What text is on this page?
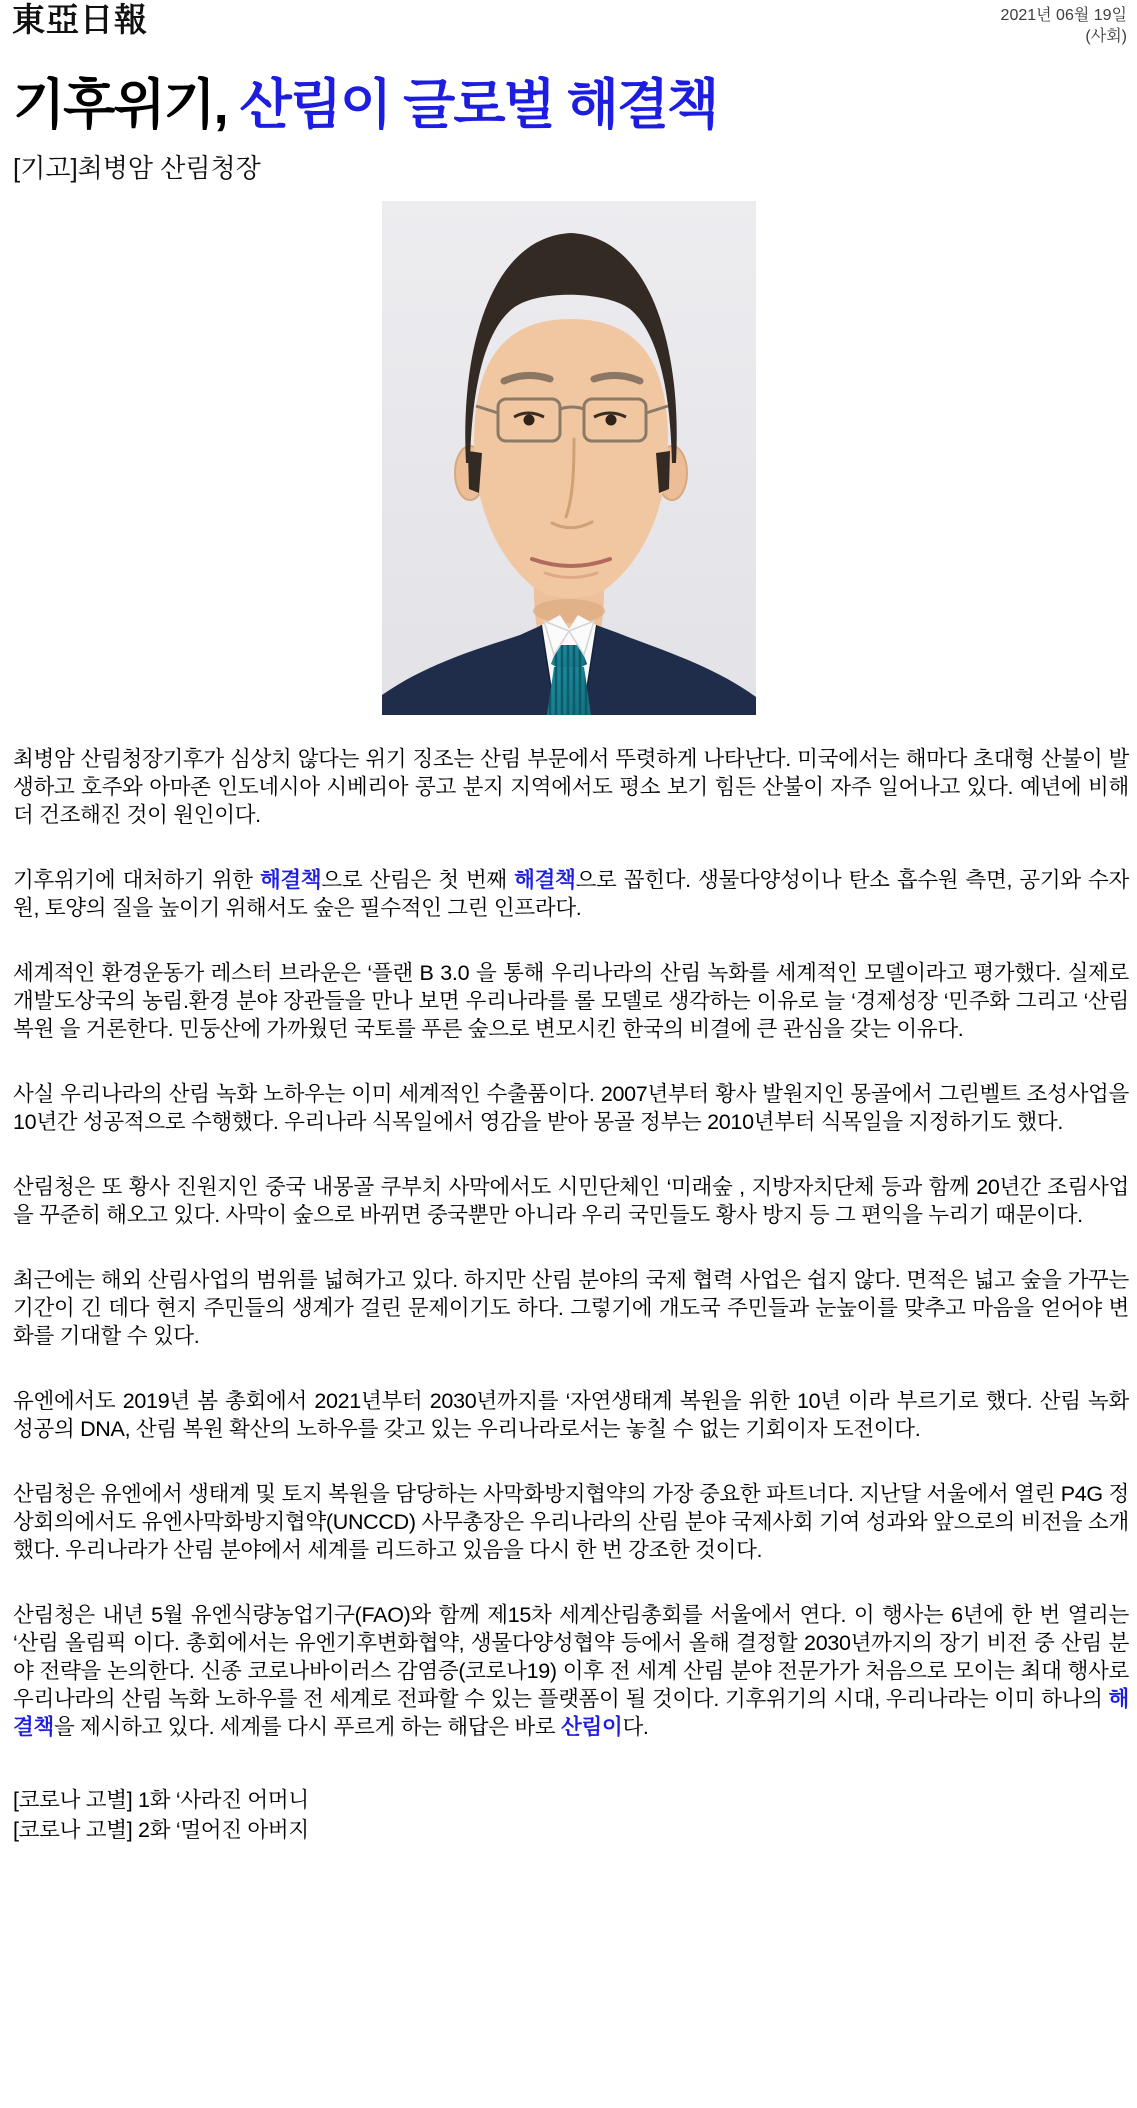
東亞日報	2021년 06월 19일
(사회)
기후위기, 산림이 글로벌 해결책
[기고]최병암 산림청장

최병암 산림청장기후가 심상치 않다는 위기 징조는 산림 부문에서 뚜렷하게 나타난다. 미국에서는 해마다 초대형 산불이 발생하고 호주와 아마존 인도네시아 시베리아 콩고 분지 지역에서도 평소 보기 힘든 산불이 자주 일어나고 있다. 예년에 비해 더 건조해진 것이 원인이다.

기후위기에 대처하기 위한 해결책으로 산림은 첫 번째 해결책으로 꼽힌다. 생물다양성이나 탄소 흡수원 측면, 공기와 수자원, 토양의 질을 높이기 위해서도 숲은 필수적인 그린 인프라다.

세계적인 환경운동가 레스터 브라운은 ‘플랜 B 3.0 을 통해 우리나라의 산림 녹화를 세계적인 모델이라고 평가했다. 실제로 개발도상국의 농림.환경 분야 장관들을 만나 보면 우리나라를 롤 모델로 생각하는 이유로 늘 ‘경제성장 ‘민주화 그리고 ‘산림 복원 을 거론한다. 민둥산에 가까웠던 국토를 푸른 숲으로 변모시킨 한국의 비결에 큰 관심을 갖는 이유다.

사실 우리나라의 산림 녹화 노하우는 이미 세계적인 수출품이다. 2007년부터 황사 발원지인 몽골에서 그린벨트 조성사업을 10년간 성공적으로 수행했다. 우리나라 식목일에서 영감을 받아 몽골 정부는 2010년부터 식목일을 지정하기도 했다.

산림청은 또 황사 진원지인 중국 내몽골 쿠부치 사막에서도 시민단체인 ‘미래숲 , 지방자치단체 등과 함께 20년간 조림사업을 꾸준히 해오고 있다. 사막이 숲으로 바뀌면 중국뿐만 아니라 우리 국민들도 황사 방지 등 그 편익을 누리기 때문이다.

최근에는 해외 산림사업의 범위를 넓혀가고 있다. 하지만 산림 분야의 국제 협력 사업은 쉽지 않다. 면적은 넓고 숲을 가꾸는 기간이 긴 데다 현지 주민들의 생계가 걸린 문제이기도 하다. 그렇기에 개도국 주민들과 눈높이를 맞추고 마음을 얻어야 변화를 기대할 수 있다.

유엔에서도 2019년 봄 총회에서 2021년부터 2030년까지를 ‘자연생태계 복원을 위한 10년 이라 부르기로 했다. 산림 녹화 성공의 DNA, 산림 복원 확산의 노하우를 갖고 있는 우리나라로서는 놓칠 수 없는 기회이자 도전이다.

산림청은 유엔에서 생태계 및 토지 복원을 담당하는 사막화방지협약의 가장 중요한 파트너다. 지난달 서울에서 열린 P4G 정상회의에서도 유엔사막화방지협약(UNCCD) 사무총장은 우리나라의 산림 분야 국제사회 기여 성과와 앞으로의 비전을 소개했다. 우리나라가 산림 분야에서 세계를 리드하고 있음을 다시 한 번 강조한 것이다.

산림청은 내년 5월 유엔식량농업기구(FAO)와 함께 제15차 세계산림총회를 서울에서 연다. 이 행사는 6년에 한 번 열리는 ‘산림 올림픽 이다. 총회에서는 유엔기후변화협약, 생물다양성협약 등에서 올해 결정할 2030년까지의 장기 비전 중 산림 분야 전략을 논의한다. 신종 코로나바이러스 감염증(코로나19) 이후 전 세계 산림 분야 전문가가 처음으로 모이는 최대 행사로 우리나라의 산림 녹화 노하우를 전 세계로 전파할 수 있는 플랫폼이 될 것이다. 기후위기의 시대, 우리나라는 이미 하나의 해결책을 제시하고 있다. 세계를 다시 푸르게 하는 해답은 바로 산림이다.

[코로나 고별] 1화 ‘사라진 어머니
[코로나 고별] 2화 ‘멀어진 아버지
